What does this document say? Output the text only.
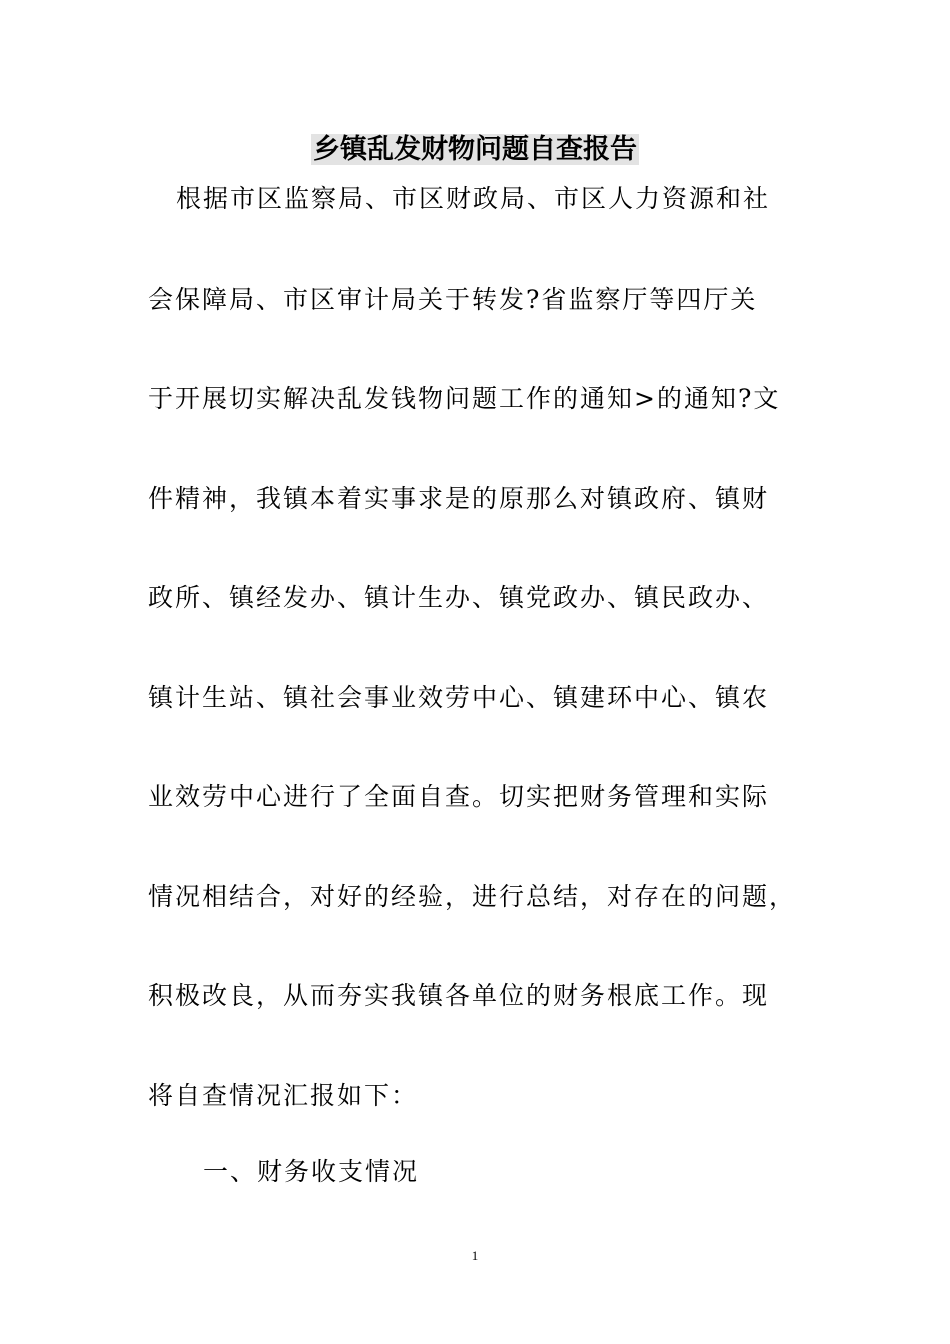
乡镇乱发财物问题自查报告
根据市区监察局、市区财政局、市区人力资源和社
会保障局、市区审计局关于转发?省监察厅等四厅关
于开展切实解决乱发钱物问题工作的通知>的通知?文
件精神，我镇本着实事求是的原那么对镇政府、镇财
政所、镇经发办、镇计生办、镇党政办、镇民政办、
镇计生站、镇社会事业效劳中心、镇建环中心、镇农
业效劳中心进行了全面自查。切实把财务管理和实际
情况相结合，对好的经验，进行总结，对存在的问题，
积极改良，从而夯实我镇各单位的财务根底工作。现
将自查情况汇报如下：
一、财务收支情况
1
